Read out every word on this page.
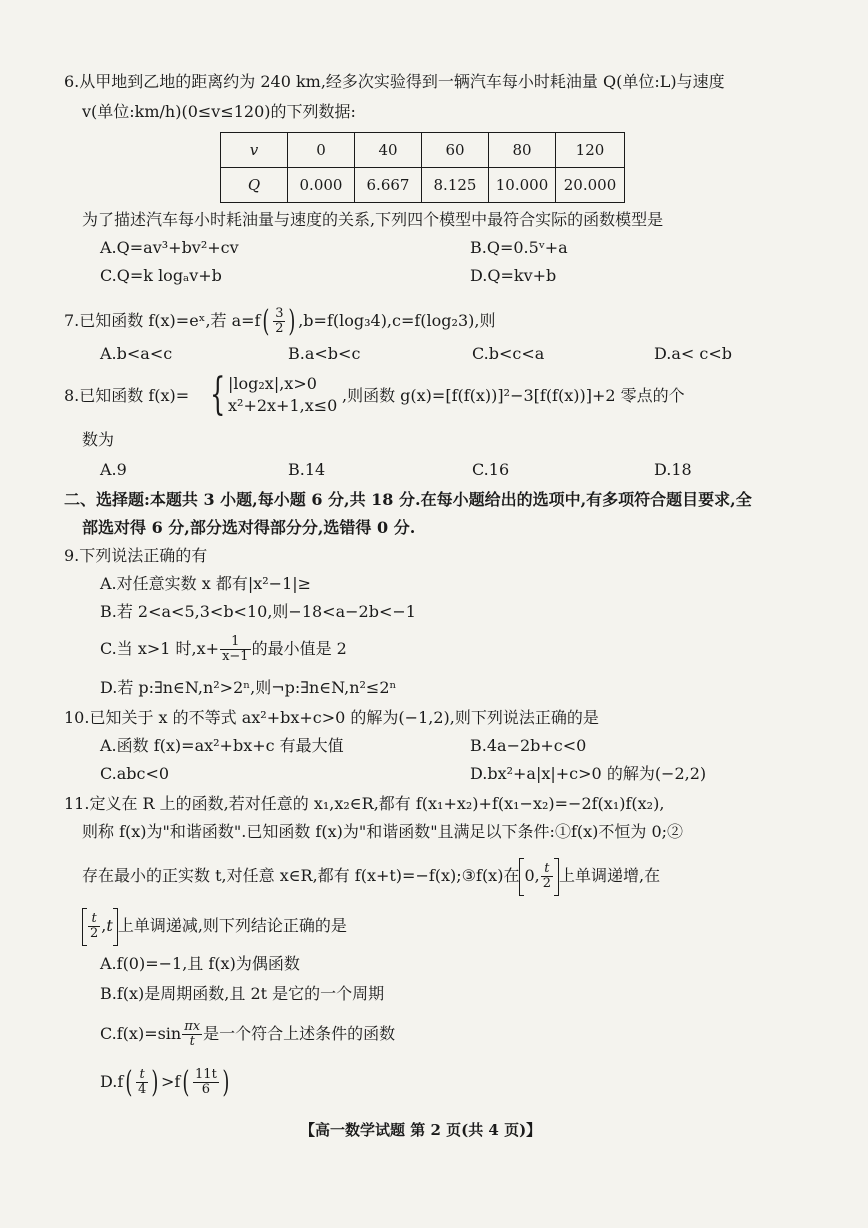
6.从甲地到乙地的距离约为 240 km,经多次实验得到一辆汽车每小时耗油量 Q(单位:L)与速度
v(单位:km/h)(0≤v≤120)的下列数据:
v	0	40	60	80	120
Q	0.000	6.667	8.125	10.000	20.000
为了描述汽车每小时耗油量与速度的关系,下列四个模型中最符合实际的函数模型是
A.Q=av³+bv²+cv	B.Q=0.5ᵛ+a
C.Q=k logₐv+b	D.Q=kv+b
7.已知函数 f(x)=eˣ,若 $a=f( \frac{3}{2}$ ) ,b=f(log₃4),c=f(log₂3),则
A.b<a<c	B.a<b<c	C.b<c<a	D.a< c<b
8.已知函数 f(x)= { |log₂x|,x>0
x²+2x+1,x≤0
,则函数 g(x)=[f(f(x))]²−3[f(f(x))]+2 零点的个
数为
A.9	B.14	C.16	D.18
二、选择题:本题共 3 小题,每小题 6 分,共 18 分.在每小题给出的选项中,有多项符合题目要求,全
部选对得 6 分,部分选对得部分分,选错得 0 分.
9.下列说法正确的有
A.对任意实数 x 都有|x²−1|≥
B.若 2<a<5,3<b<10,则−18<a−2b<−1
C.当 x>1 时$,x+ \frac{1}{x-1}$ 的最小值是 2
D.若 p:∃n∈N,n²>2ⁿ,则¬p:∃n∈N,n²≤2ⁿ
10.已知关于 x 的不等式 ax²+bx+c>0 的解为(−1,2),则下列说法正确的是
A.函数 f(x)=ax²+bx+c 有最大值	B.4a−2b+c<0
C.abc<0	D.bx²+a|x|+c>0 的解为(−2,2)
11.定义在 R 上的函数,若对任意的 x₁,x₂∈R,都有 f(x₁+x₂)+f(x₁−x₂)=−2f(x₁)f(x₂),
则称 f(x)为"和谐函数".已知函数 f(x)为"和谐函数"且满足以下条件:①f(x)不恒为 0;②
存在最小的正实数 t,对任意 x∈R,都有 f(x+t)=−f(x);③f(x)在 0, $\frac{t}{2}$ 上单调递增,在
$\frac{t}{2} ,t$ 上单调递减,则下列结论正确的是
A.f(0)=−1,且 f(x)为偶函数
B.f(x)是周期函数,且 2t 是它的一个周期
$C.f(x)=\sin \frac{\pi x}{t}$ 是一个符合上述条件的函数
$D.f( \frac{t}{4}$ ) $>f( \frac{11t}{6}$ )
【高一数学试题 第 2 页(共 4 页)】
